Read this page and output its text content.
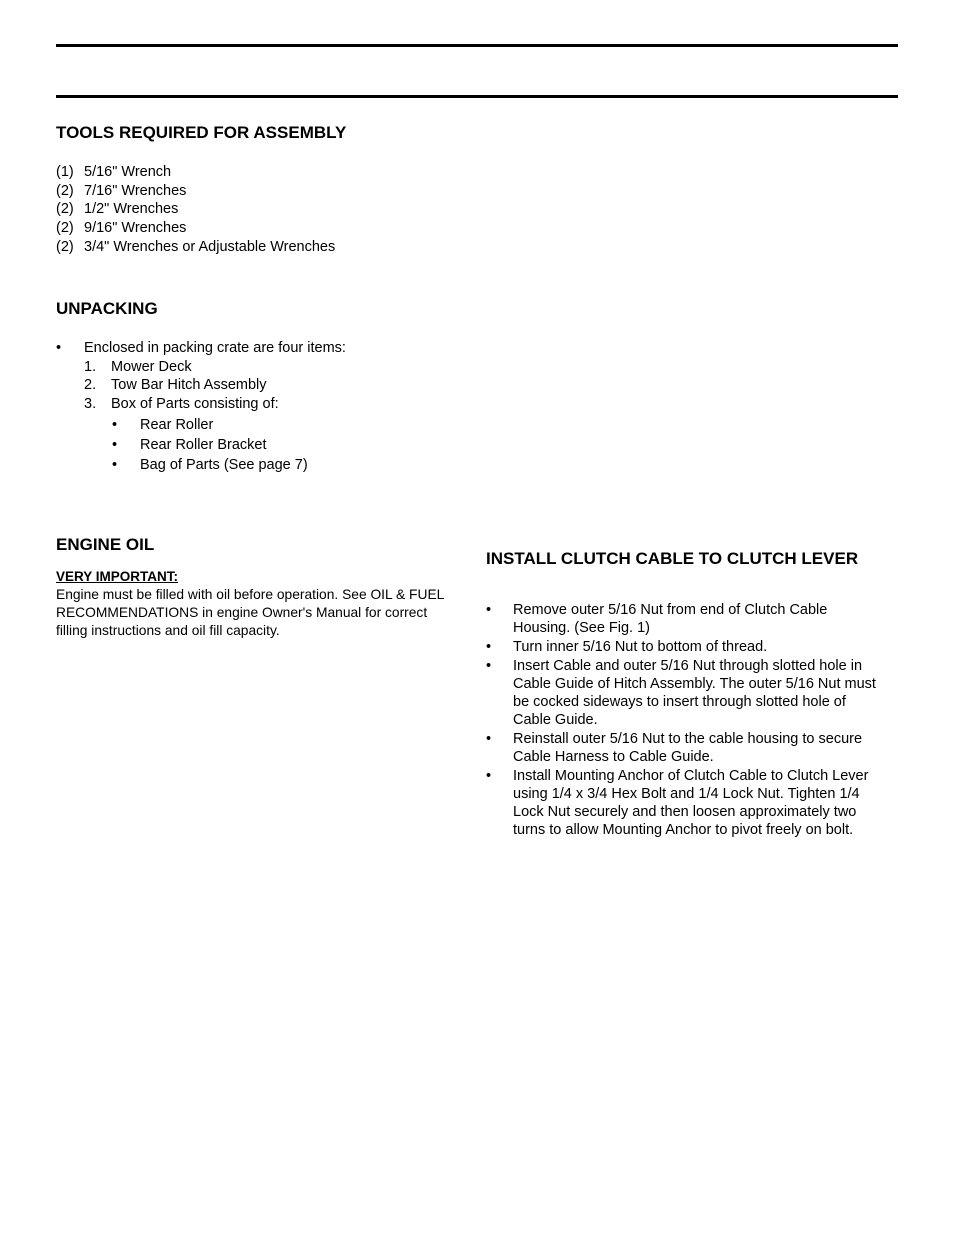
TOOLS REQUIRED FOR ASSEMBLY
(1) 5/16" Wrench
(2) 7/16" Wrenches
(2) 1/2" Wrenches
(2) 9/16" Wrenches
(2) 3/4" Wrenches or Adjustable Wrenches
UNPACKING
•	Enclosed in packing crate are four items:
1.	Mower Deck
2.	Tow Bar Hitch Assembly
3.	Box of Parts consisting of:
•	Rear Roller
•	Rear Roller Bracket
•	Bag of Parts (See page 7)
ENGINE OIL
VERY IMPORTANT:
Engine must be filled with oil before operation. See OIL & FUEL RECOMMENDATIONS in engine Owner's Manual for correct filling instructions and oil fill capacity.
INSTALL CLUTCH CABLE TO CLUTCH LEVER
•	Remove outer 5/16 Nut from end of Clutch Cable Housing. (See Fig. 1)
•	Turn inner 5/16 Nut to bottom of thread.
•	Insert Cable and outer 5/16 Nut through slotted hole in Cable Guide of Hitch Assembly. The outer 5/16 Nut must be cocked sideways to insert through slotted hole of Cable Guide.
•	Reinstall outer 5/16 Nut to the cable housing to secure Cable Harness to Cable Guide.
•	Install Mounting Anchor of Clutch Cable to Clutch Lever using 1/4 x 3/4 Hex Bolt and 1/4 Lock Nut. Tighten 1/4 Lock Nut securely and then loosen approximately two turns to allow Mounting Anchor to pivot freely on bolt.
